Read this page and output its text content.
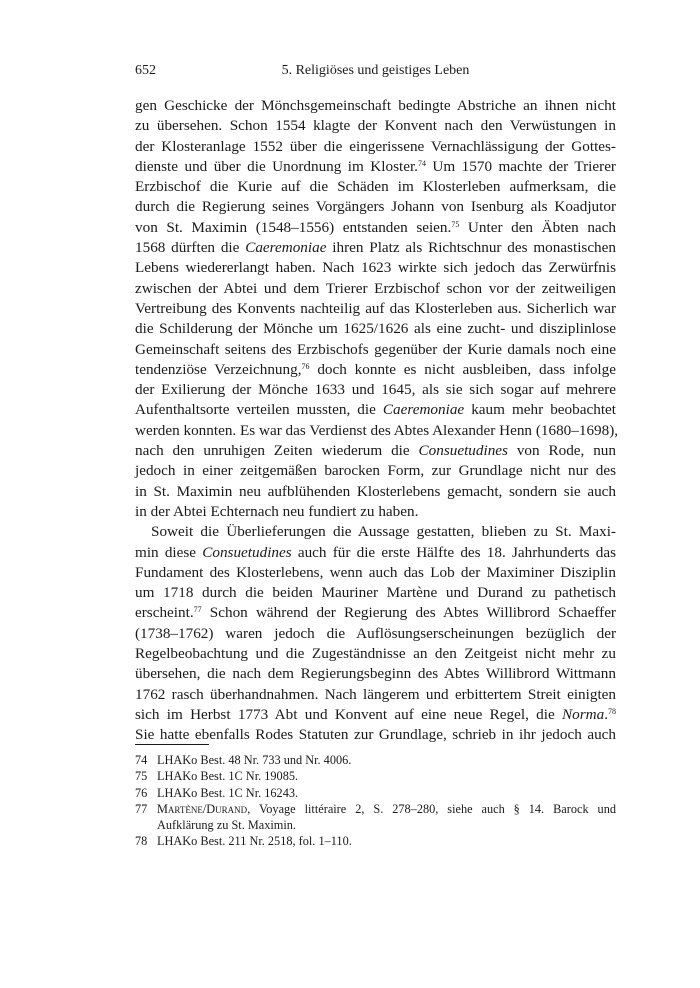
652	5. Religiöses und geistiges Leben
gen Geschicke der Mönchsgemeinschaft bedingte Abstriche an ihnen nicht
zu übersehen. Schon 1554 klagte der Konvent nach den Verwüstungen in
der Klosteranlage 1552 über die eingerissene Vernachlässigung der Gottes-
dienste und über die Unordnung im Kloster.$^{74}$ Um 1570 machte der Trierer
Erzbischof die Kurie auf die Schäden im Klosterleben aufmerksam, die
durch die Regierung seines Vorgängers Johann von Isenburg als Koadjutor
von St. Maximin (1548–1556) entstanden seien.$^{75}$ Unter den Äbten nach
1568 dürften die Caeremoniae ihren Platz als Richtschnur des monastischen
Lebens wiedererlangt haben. Nach 1623 wirkte sich jedoch das Zerwürfnis
zwischen der Abtei und dem Trierer Erzbischof schon vor der zeitweiligen
Vertreibung des Konvents nachteilig auf das Klosterleben aus. Sicherlich war
die Schilderung der Mönche um 1625/1626 als eine zucht- und disziplinlose
Gemeinschaft seitens des Erzbischofs gegenüber der Kurie damals noch eine
tendenziöse Verzeichnung,$^{76}$ doch konnte es nicht ausbleiben, dass infolge
der Exilierung der Mönche 1633 und 1645, als sie sich sogar auf mehrere
Aufenthaltsorte verteilen mussten, die Caeremoniae kaum mehr beobachtet
werden konnten. Es war das Verdienst des Abtes Alexander Henn (1680–1698),
nach den unruhigen Zeiten wiederum die Consuetudines von Rode, nun
jedoch in einer zeitgemäßen barocken Form, zur Grundlage nicht nur des
in St. Maximin neu aufblühenden Klosterlebens gemacht, sondern sie auch
in der Abtei Echternach neu fundiert zu haben.
Soweit die Überlieferungen die Aussage gestatten, blieben zu St. Maxi-
min diese Consuetudines auch für die erste Hälfte des 18. Jahrhunderts das
Fundament des Klosterlebens, wenn auch das Lob der Maximiner Disziplin
um 1718 durch die beiden Mauriner Martène und Durand zu pathetisch
erscheint.$^{77}$ Schon während der Regierung des Abtes Willibrord Schaeffer
(1738–1762) waren jedoch die Auflösungserscheinungen bezüglich der
Regelbeobachtung und die Zugeständnisse an den Zeitgeist nicht mehr zu
übersehen, die nach dem Regierungsbeginn des Abtes Willibrord Wittmann
1762 rasch überhandnahmen. Nach längerem und erbittertem Streit einigten
sich im Herbst 1773 Abt und Konvent auf eine neue Regel, die Norma.$^{78}$
Sie hatte ebenfalls Rodes Statuten zur Grundlage, schrieb in ihr jedoch auch
74 LHAKo Best. 48 Nr. 733 und Nr. 4006.
75 LHAKo Best. 1C Nr. 19085.
76 LHAKo Best. 1C Nr. 16243.
77 Martène/Durand, Voyage littéraire 2, S. 278–280, siehe auch § 14. Barock und
Aufklärung zu St. Maximin.
78 LHAKo Best. 211 Nr. 2518, fol. 1–110.
